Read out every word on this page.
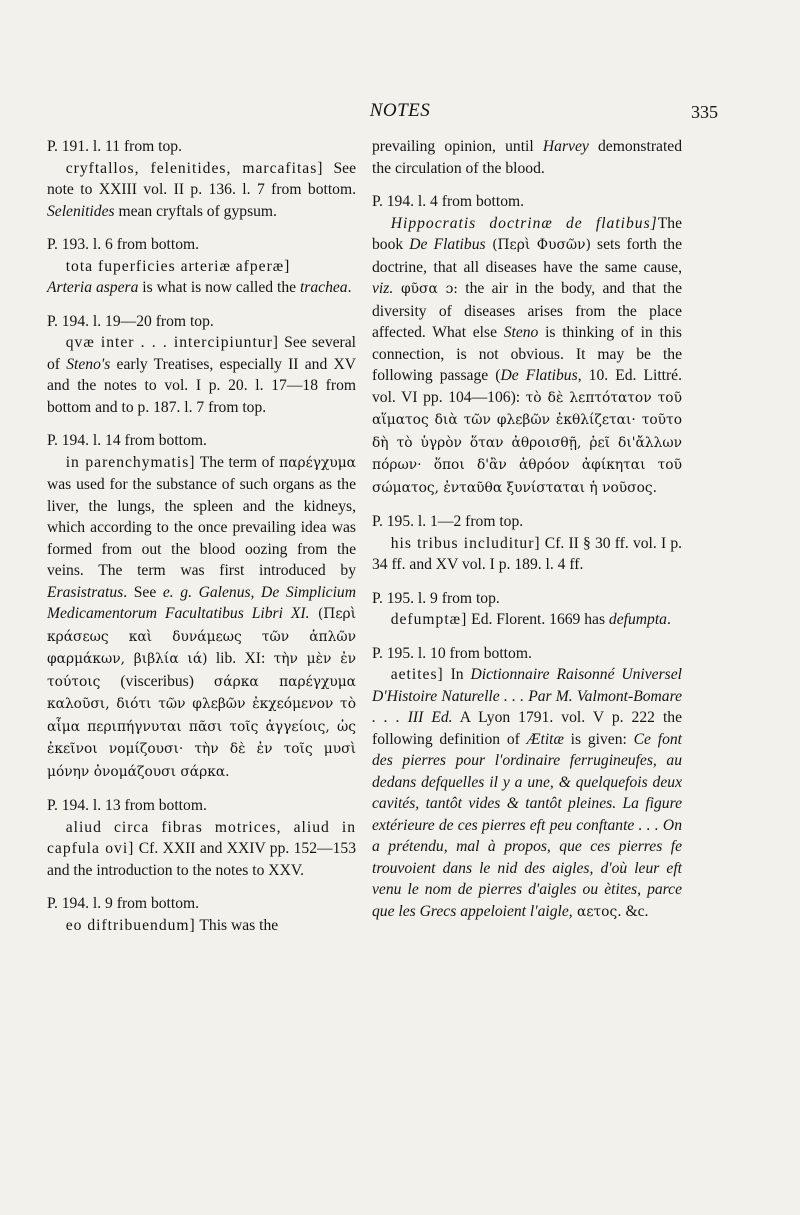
NOTES	335

P. 191. l. 11 from top.

cryftallos, felenitides, marcafitas] See note to XXIII vol. II p. 136. l. 7 from bottom. Selenitides mean cryftals of gypsum.

P. 193. l. 6 from bottom.

tota fuperficies arteriæ afperæ]
Arteria aspera is what is now called the trachea.

P. 194. l. 19—20 from top.

qvæ inter . . . intercipiuntur] See several of Steno's early Treatises, especially II and XV and the notes to vol. I p. 20. l. 17—18 from bottom and to p. 187. l. 7 from top.

P. 194. l. 14 from bottom.

in parenchymatis] The term of παρέγχυμα was used for the substance of such organs as the liver, the lungs, the spleen and the kidneys, which according to the once prevailing idea was formed from out the blood oozing from the veins. The term was first introduced by Erasistratus. See e. g. Galenus, De Simplicium Medicamentorum Facultatibus Libri XI. (Περὶ κράσεως καὶ δυνάμεως τῶν ἁπλῶν φαρμάκων, βιβλία ιά) lib. XI: τὴν μὲν ἐν τούτοις (visceribus) σάρκα παρέγχυμα καλοῦσι, διότι τῶν φλεβῶν ἐκχεόμενον τὸ αἷμα περιπήγνυται πᾶσι τοῖς ἀγγείοις, ὡς ἐκεῖνοι νομίζουσι· τὴν δὲ ἐν τοῖς μυσὶ μόνην ὀνομάζουσι σάρκα.

P. 194. l. 13 from bottom.

aliud circa fibras motrices, aliud in capfula ovi] Cf. XXII and XXIV pp. 152—153 and the introduction to the notes to XXV.

P. 194. l. 9 from bottom.

eo diftribuendum] This was the

prevailing opinion, until Harvey demonstrated the circulation of the blood.

P. 194. l. 4 from bottom.

Hippocratis doctrinæ de flatibus]The book De Flatibus (Περὶ Φυσῶν) sets forth the doctrine, that all diseases have the same cause, viz. φῦσα ɔ: the air in the body, and that the diversity of diseases arises from the place affected. What else Steno is thinking of in this connection, is not obvious. It may be the following passage (De Flatibus, 10. Ed. Littré. vol. VI pp. 104—106): τὸ δὲ λεπτότατον τοῦ αἵματος διὰ τῶν φλεβῶν ἐκθλίζεται· τοῦτο δὴ τὸ ὑγρὸν ὅταν ἀθροισθῇ, ῥεῖ δι'ἄλλων πόρων· ὅποι δ'ἂν ἀθρόον ἀφίκηται τοῦ σώματος, ἐνταῦθα ξυνίσταται ἡ νοῦσος.

P. 195. l. 1—2 from top.

his tribus includitur] Cf. II § 30 ff. vol. I p. 34 ff. and XV vol. I p. 189. l. 4 ff.

P. 195. l. 9 from top.

defumptæ] Ed. Florent. 1669 has defumpta.

P. 195. l. 10 from bottom.

aetites] In Dictionnaire Raisonné Universel D'Histoire Naturelle . . . Par M. Valmont-Bomare . . . III Ed. A Lyon 1791. vol. V p. 222 the following definition of Ætitæ is given: Ce font des pierres pour l'ordinaire ferrugineufes, au dedans defquelles il y a une, & quelquefois deux cavités, tantôt vides & tantôt pleines. La figure extérieure de ces pierres eft peu conftante . . . On a prétendu, mal à propos, que ces pierres fe trouvoient dans le nid des aigles, d'où leur eft venu le nom de pierres d'aigles ou ètites, parce que les Grecs appeloient l'aigle, αετος. &c.
